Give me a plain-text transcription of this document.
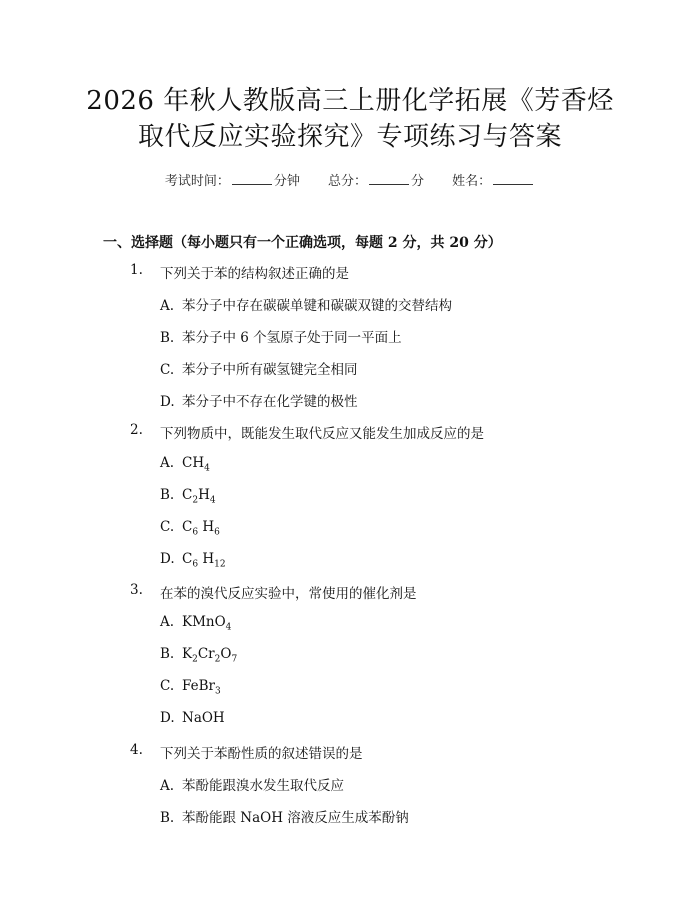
2026 年秋人教版高三上册化学拓展《芳香烃
取代反应实验探究》专项练习与答案
考试时间：	分钟 总分：	分 姓名：
一、选择题（每小题只有一个正确选项，每题 2 分，共 20 分）
1. 下列关于苯的结构叙述正确的是
A. 苯分子中存在碳碳单键和碳碳双键的交替结构
B. 苯分子中 6 个氢原子处于同一平面上
C. 苯分子中所有碳氢键完全相同
D. 苯分子中不存在化学键的极性
2. 下列物质中，既能发生取代反应又能发生加成反应的是
A. $CH_4$
B. $C_2H_4$
C. $C_6$ $H_6$
D. $C_6$ $H_{12}$
3. 在苯的溴代反应实验中，常使用的催化剂是
A. KMnO$_4$
B. $K_2Cr_2O_7$
C. FeBr$_3$
D. NaOH
4. 下列关于苯酚性质的叙述错误的是
A. 苯酚能跟溴水发生取代反应
B. 苯酚能跟 NaOH 溶液反应生成苯酚钠
